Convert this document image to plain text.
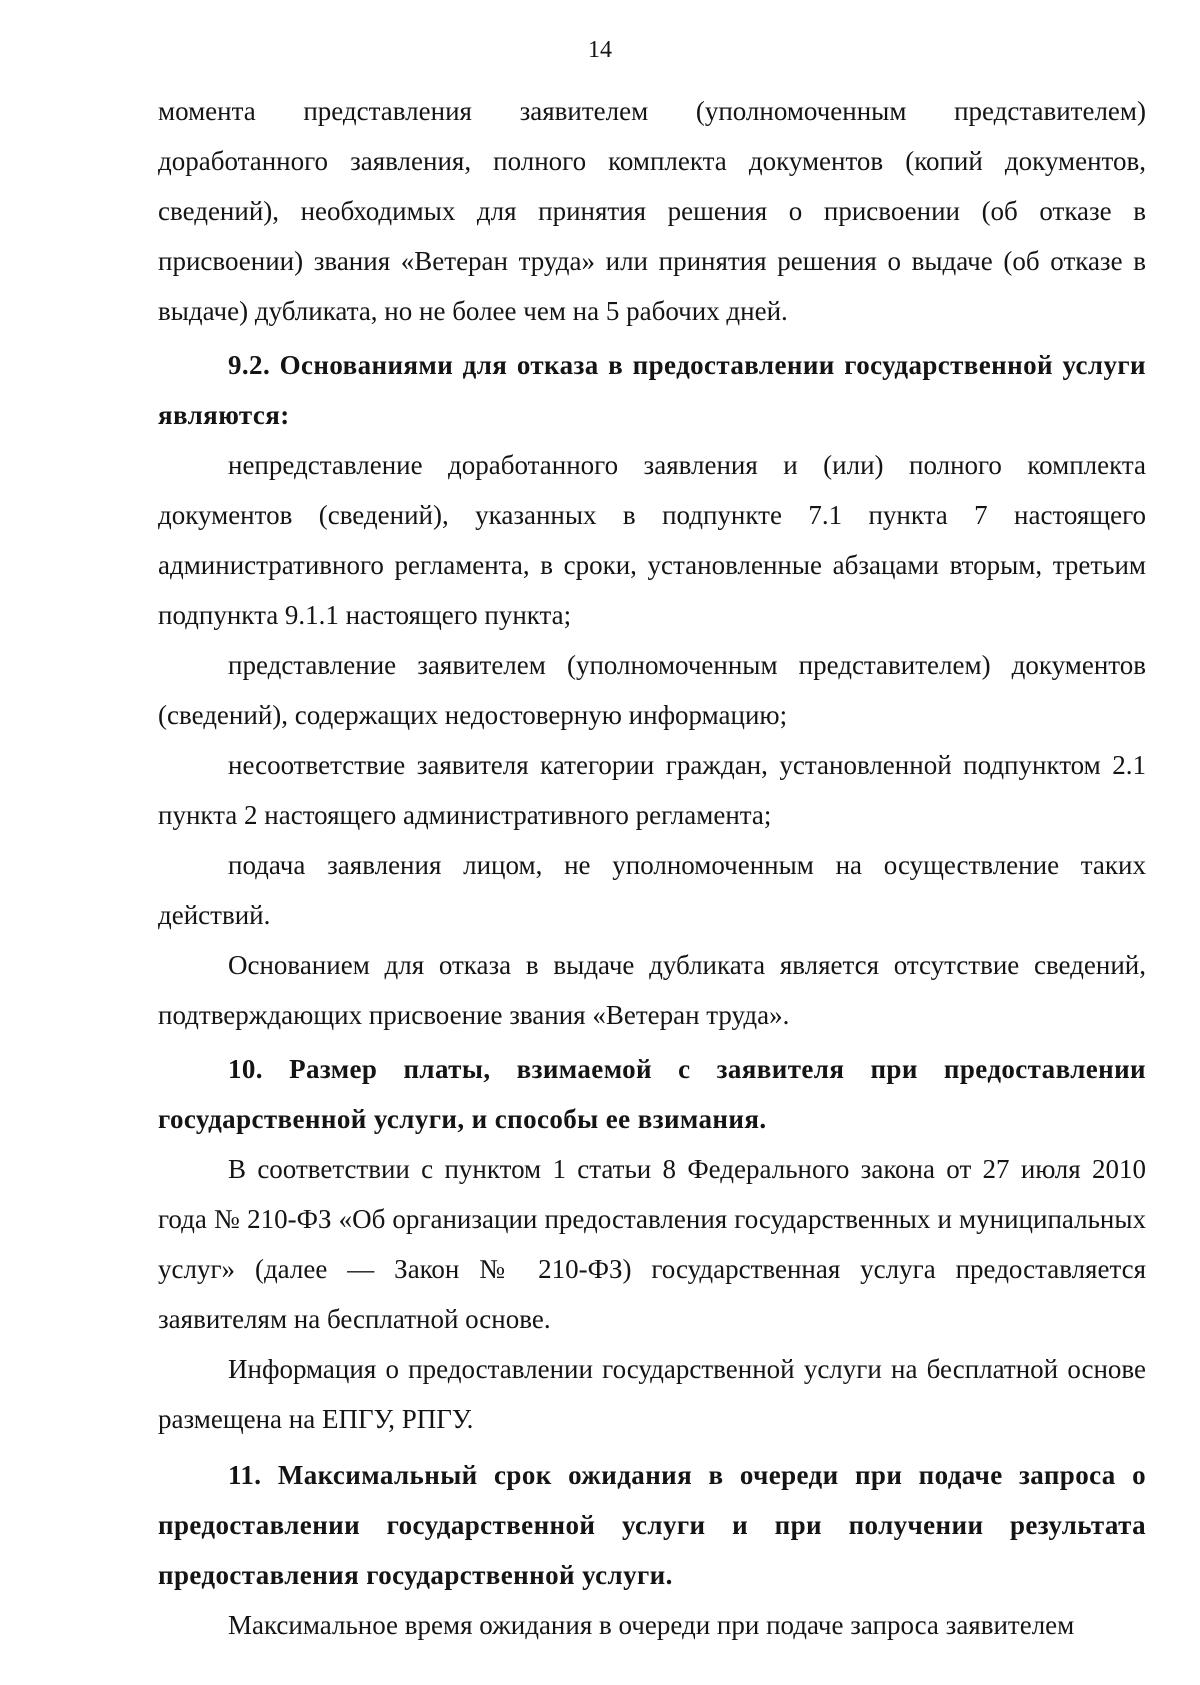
14

момента представления заявителем (уполномоченным представителем) доработанного заявления, полного комплекта документов (копий документов, сведений), необходимых для принятия решения о присвоении (об отказе в присвоении) звания «Ветеран труда» или принятия решения о выдаче (об отказе в выдаче) дубликата, но не более чем на 5 рабочих дней.

9.2. Основаниями для отказа в предоставлении государственной услуги являются:

непредставление доработанного заявления и (или) полного комплекта документов (сведений), указанных в подпункте 7.1 пункта 7 настоящего административного регламента, в сроки, установленные абзацами вторым, третьим подпункта 9.1.1 настоящего пункта;

представление заявителем (уполномоченным представителем) документов (сведений), содержащих недостоверную информацию;

несоответствие заявителя категории граждан, установленной подпунктом 2.1 пункта 2 настоящего административного регламента;

подача заявления лицом, не уполномоченным на осуществление таких действий.

Основанием для отказа в выдаче дубликата является отсутствие сведений, подтверждающих присвоение звания «Ветеран труда».

10. Размер платы, взимаемой с заявителя при предоставлении государственной услуги, и способы ее взимания.

В соответствии с пунктом 1 статьи 8 Федерального закона от 27 июля 2010 года № 210-ФЗ «Об организации предоставления государственных и муниципальных услуг» (далее — Закон № 210-ФЗ) государственная услуга предоставляется заявителям на бесплатной основе.

Информация о предоставлении государственной услуги на бесплатной основе размещена на ЕПГУ, РПГУ.

11. Максимальный срок ожидания в очереди при подаче запроса о предоставлении государственной услуги и при получении результата предоставления государственной услуги.

Максимальное время ожидания в очереди при подаче запроса заявителем
